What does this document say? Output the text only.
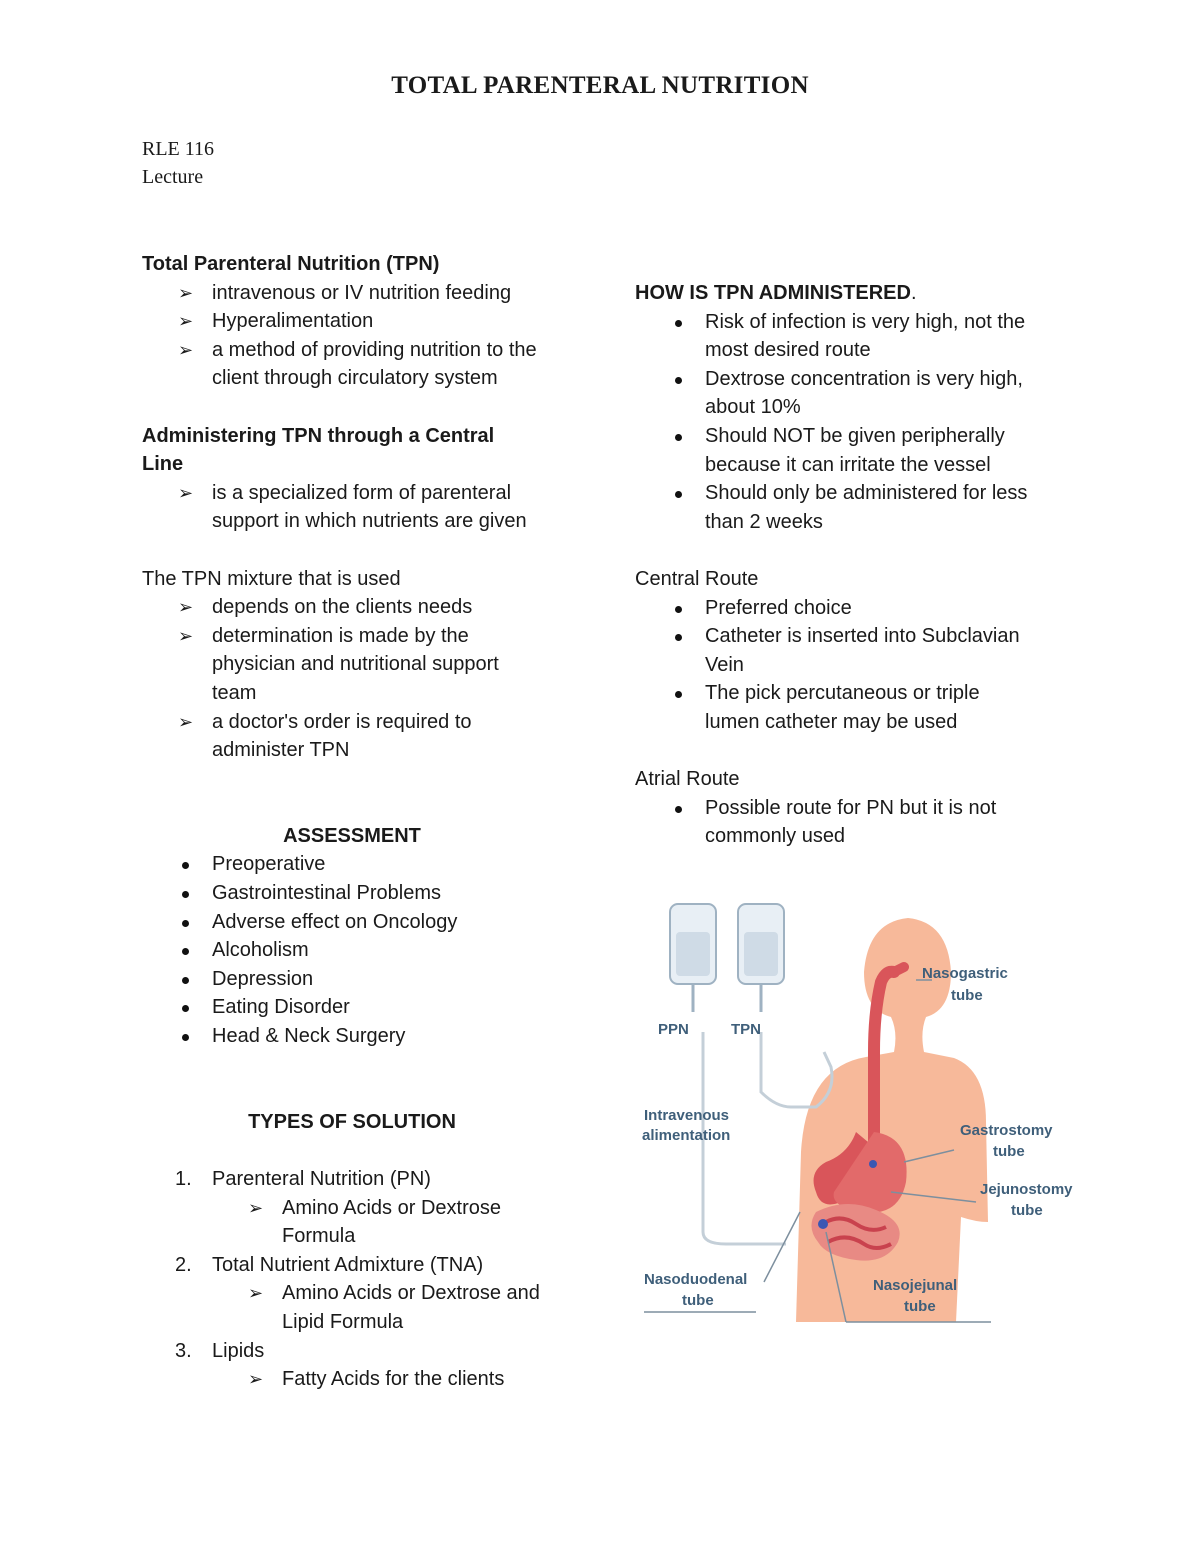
TOTAL PARENTERAL NUTRITION
RLE 116
Lecture

Total Parenteral Nutrition (TPN)

➢ intravenous or IV nutrition feeding

➢ Hyperalimentation

➢ a method of providing nutrition to the

client through circulatory system

Administering TPN through a Central

Line

➢ is a specialized form of parenteral

support in which nutrients are given

The TPN mixture that is used

➢ depends on the clients needs

➢ determination is made by the

physician and nutritional support

team

➢ a doctor's order is required to

administer TPN

ASSESSMENT

Preoperative

Gastrointestinal Problems

Adverse effect on Oncology

Alcoholism

Depression

Eating Disorder

Head & Neck Surgery

TYPES OF SOLUTION

1. Parenteral Nutrition (PN)

➢ Amino Acids or Dextrose

Formula

2. Total Nutrient Admixture (TNA)

➢ Amino Acids or Dextrose and

Lipid Formula

3. Lipids

➢ Fatty Acids for the clients

HOW IS TPN ADMINISTERED.

Risk of infection is very high, not the

most desired route

Dextrose concentration is very high,

about 10%

Should NOT be given peripherally

because it can irritate the vessel

Should only be administered for less

than 2 weeks

Central Route

Preferred choice

Catheter is inserted into Subclavian

Vein

The pick percutaneous or triple

lumen catheter may be used

Atrial Route

Possible route for PN but it is not

commonly used

PPN	TPN
Intravenous
alimentation
Nasogastric
tube
Gastrostomy
tube
Jejunostomy
tube
Nasoduodenal
tube
Nasojejunal
tube
